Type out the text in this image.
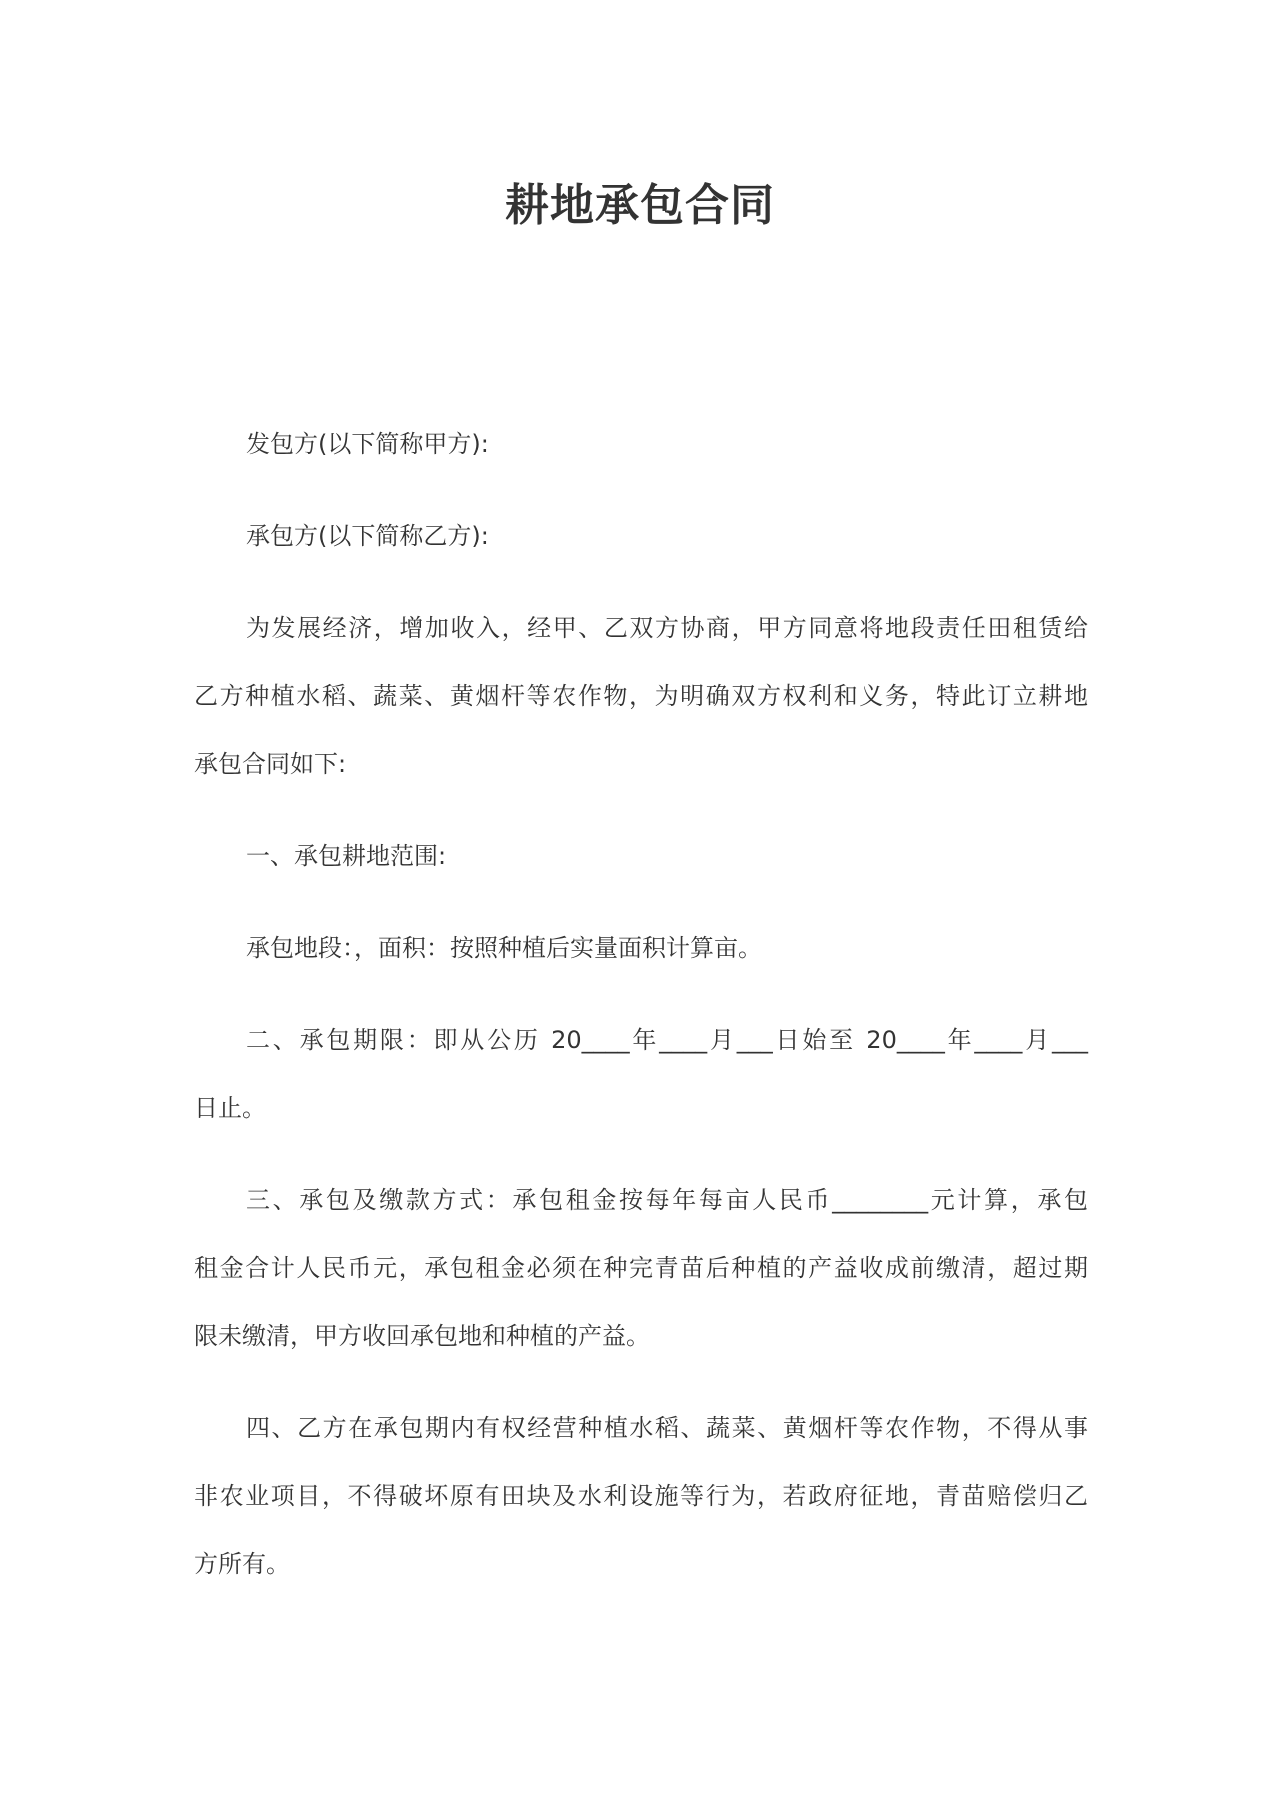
耕地承包合同

发包方(以下简称甲方):

承包方(以下简称乙方):

为发展经济，增加收入，经甲、乙双方协商，甲方同意将地段责任田租赁给
乙方种植水稻、蔬菜、黄烟杆等农作物，为明确双方权利和义务，特此订立耕地
承包合同如下:

一、承包耕地范围:

承包地段：，面积：按照种植后实量面积计算亩。

二、承包期限：即从公历 20____年____月___日始至 20____年____月___
日止。

三、承包及缴款方式：承包租金按每年每亩人民币________元计算，承包
租金合计人民币元，承包租金必须在种完青苗后种植的产益收成前缴清，超过期
限未缴清，甲方收回承包地和种植的产益。

四、乙方在承包期内有权经营种植水稻、蔬菜、黄烟杆等农作物，不得从事
非农业项目，不得破坏原有田块及水利设施等行为，若政府征地，青苗赔偿归乙
方所有。
